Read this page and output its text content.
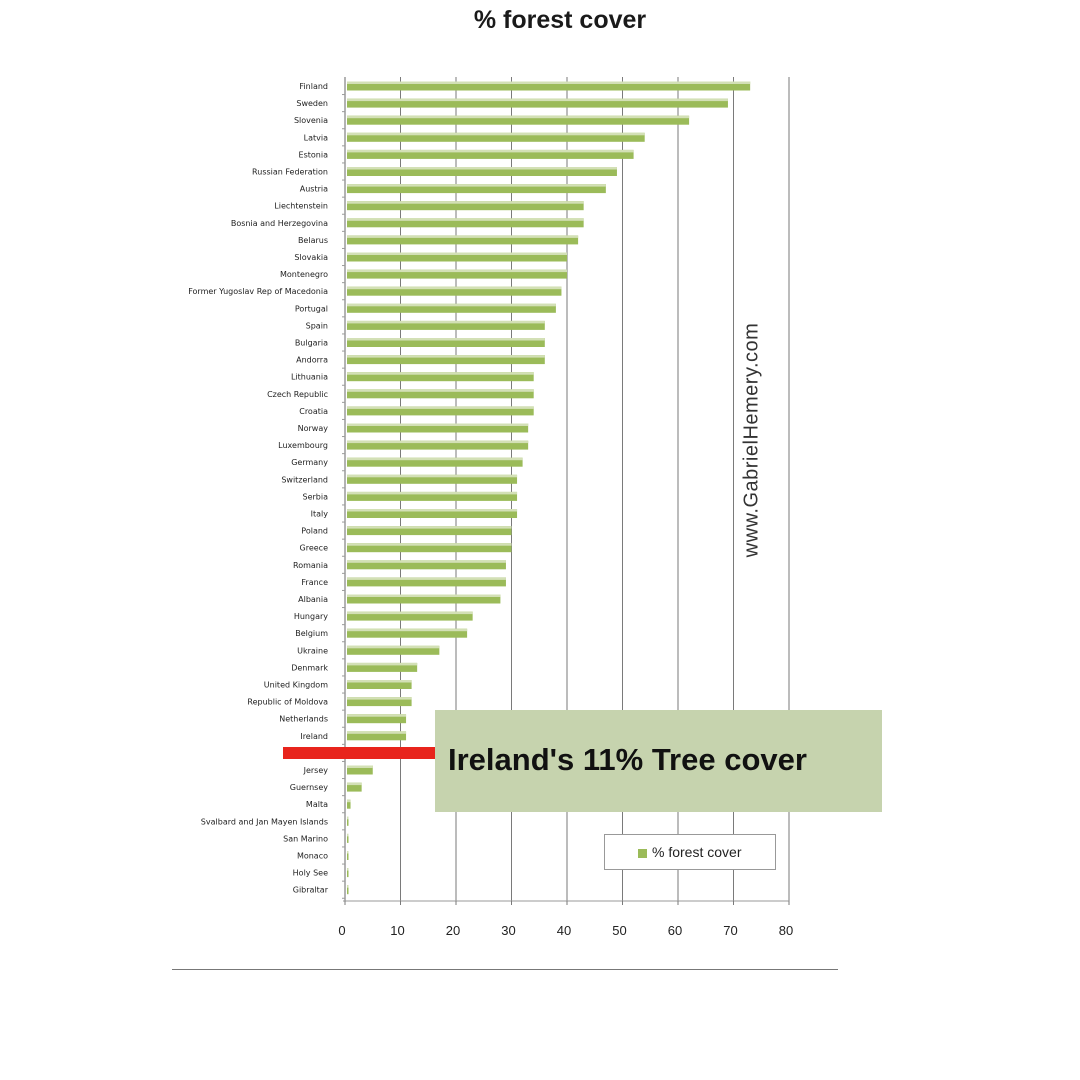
% forest cover
Finland
Sweden
Slovenia
Latvia
Estonia
Russian Federation
Austria
Liechtenstein
Bosnia and Herzegovina
Belarus
Slovakia
Montenegro
Former Yugoslav Rep of Macedonia
Portugal
Spain
Bulgaria
Andorra
Lithuania
Czech Republic
Croatia
Norway
Luxembourg
Germany
Switzerland
Serbia
Italy
Poland
Greece
Romania
France
Albania
Hungary
Belgium
Ukraine
Denmark
United Kingdom
Republic of Moldova
Netherlands
Ireland
Jersey
Guernsey
Malta
Svalbard and Jan Mayen Islands
San Marino
Monaco
Holy See
Gibraltar
0	10	20	30	40	50	60	70	80
www.GabrielHemery.com
Ireland's 11% Tree cover
% forest cover
